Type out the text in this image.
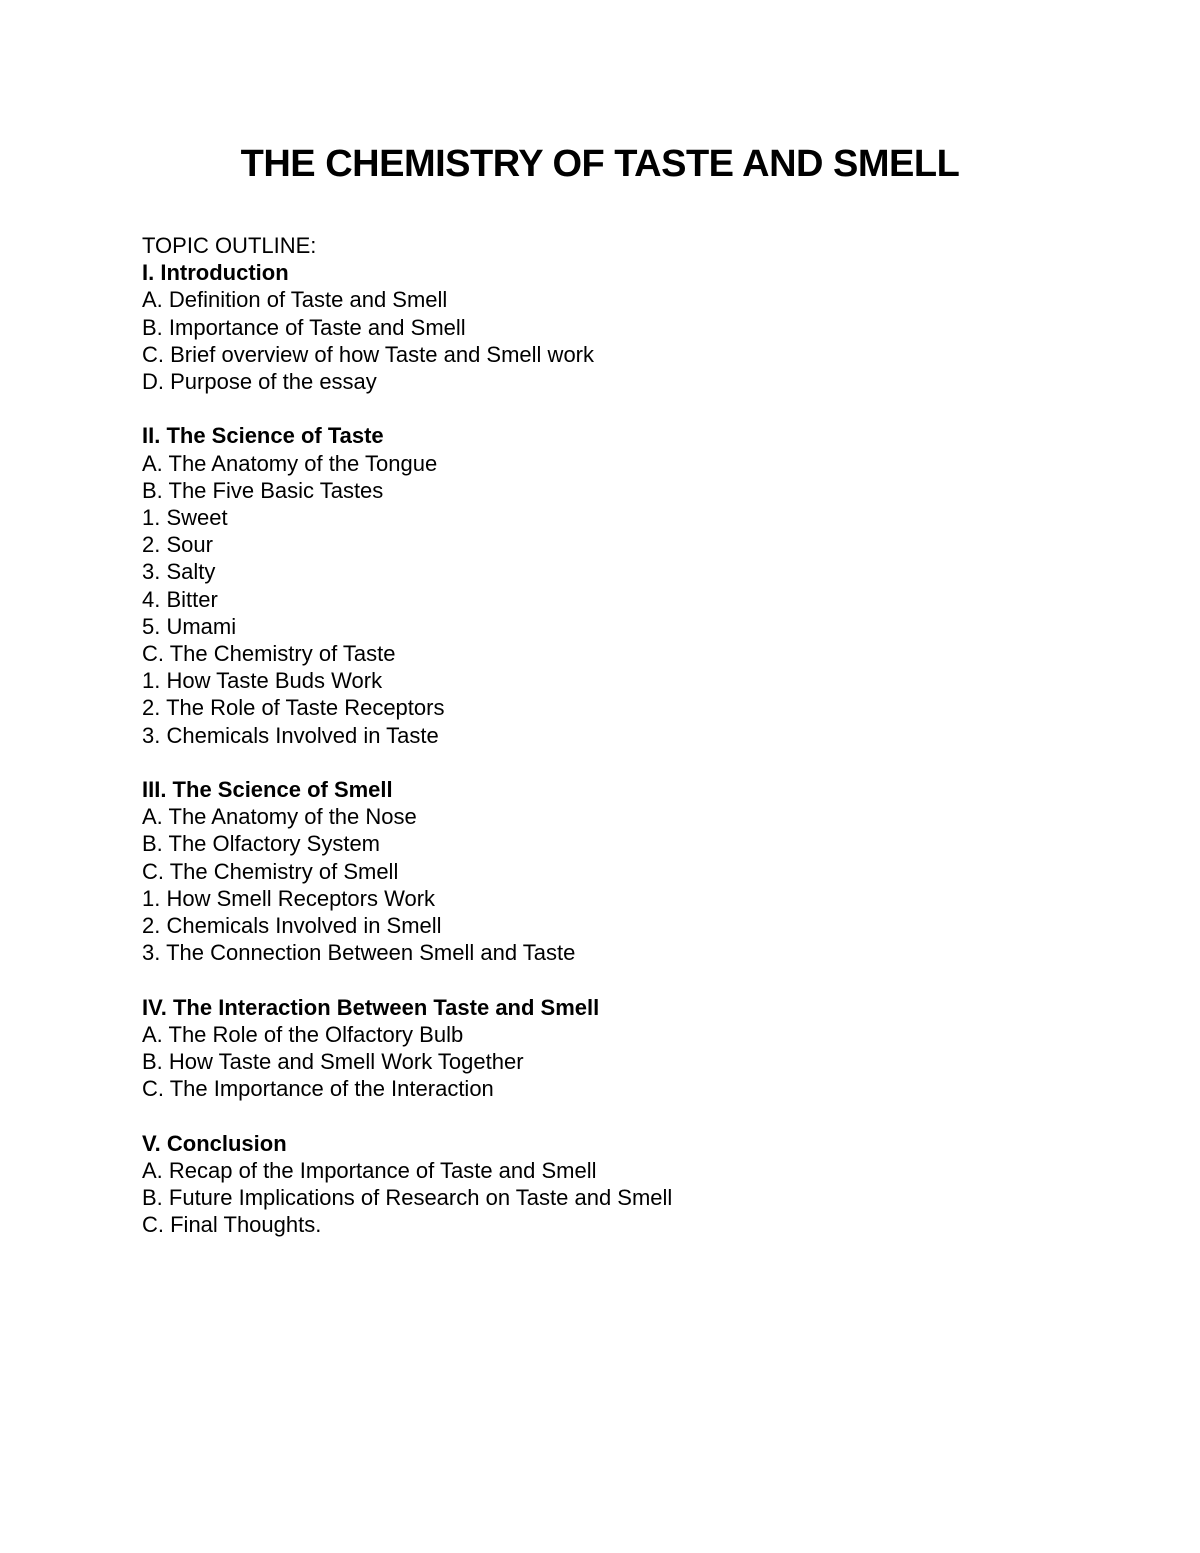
THE CHEMISTRY OF TASTE AND SMELL
TOPIC OUTLINE:
I. Introduction
A. Definition of Taste and Smell
B. Importance of Taste and Smell
C. Brief overview of how Taste and Smell work
D. Purpose of the essay
II. The Science of Taste
A. The Anatomy of the Tongue
B. The Five Basic Tastes
1. Sweet
2. Sour
3. Salty
4. Bitter
5. Umami
C. The Chemistry of Taste
1. How Taste Buds Work
2. The Role of Taste Receptors
3. Chemicals Involved in Taste
III. The Science of Smell
A. The Anatomy of the Nose
B. The Olfactory System
C. The Chemistry of Smell
1. How Smell Receptors Work
2. Chemicals Involved in Smell
3. The Connection Between Smell and Taste
IV. The Interaction Between Taste and Smell
A. The Role of the Olfactory Bulb
B. How Taste and Smell Work Together
C. The Importance of the Interaction
V. Conclusion
A. Recap of the Importance of Taste and Smell
B. Future Implications of Research on Taste and Smell
C. Final Thoughts.
